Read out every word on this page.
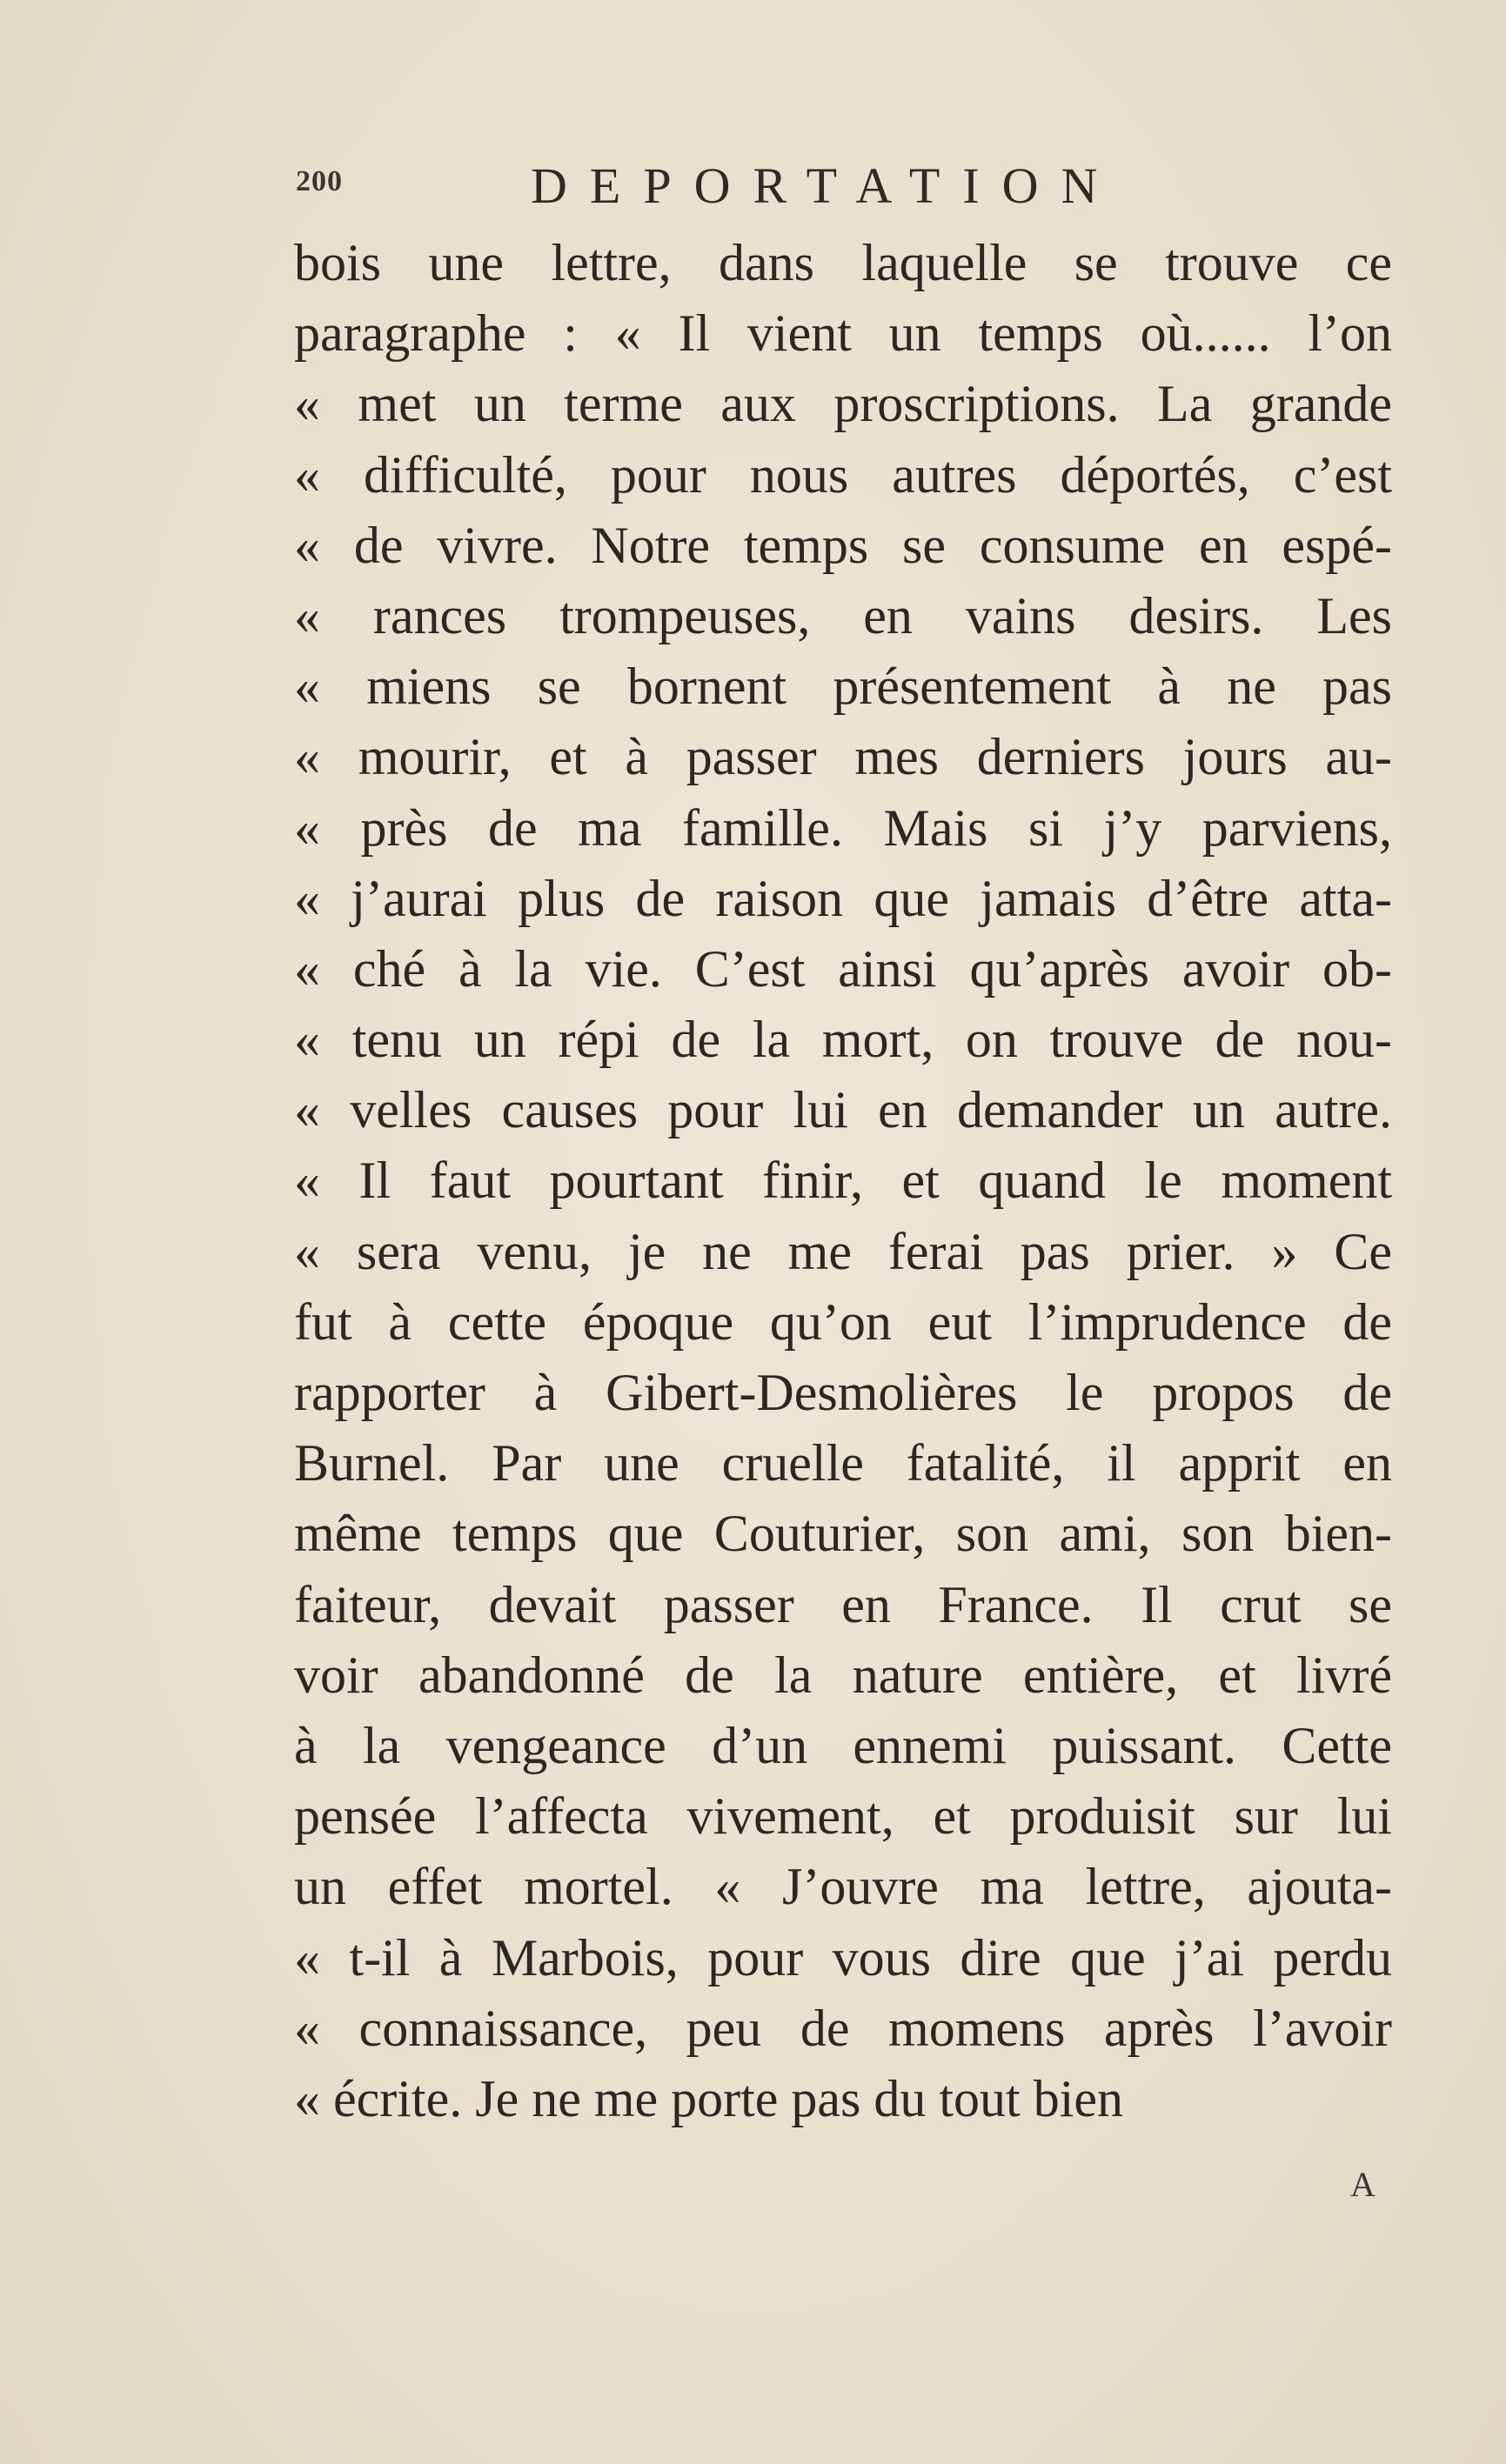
200	DEPORTATION
bois une lettre, dans laquelle se trouve ce
paragraphe : « Il vient un temps où...... l’on
« met un terme aux proscriptions. La grande
« difficulté, pour nous autres déportés, c’est
« de vivre. Notre temps se consume en espé-
« rances trompeuses, en vains desirs. Les
« miens se bornent présentement à ne pas
« mourir, et à passer mes derniers jours au-
« près de ma famille. Mais si j’y parviens,
« j’aurai plus de raison que jamais d’être atta-
« ché à la vie. C’est ainsi qu’après avoir ob-
« tenu un répi de la mort, on trouve de nou-
« velles causes pour lui en demander un autre.
« Il faut pourtant finir, et quand le moment
« sera venu, je ne me ferai pas prier. » Ce
fut à cette époque qu’on eut l’imprudence de
rapporter à Gibert-Desmolières le propos de
Burnel. Par une cruelle fatalité, il apprit en
même temps que Couturier, son ami, son bien-
faiteur, devait passer en France. Il crut se
voir abandonné de la nature entière, et livré
à la vengeance d’un ennemi puissant. Cette
pensée l’affecta vivement, et produisit sur lui
un effet mortel. « J’ouvre ma lettre, ajouta-
« t-il à Marbois, pour vous dire que j’ai perdu
« connaissance, peu de momens après l’avoir
« écrite. Je ne me porte pas du tout bien
A
